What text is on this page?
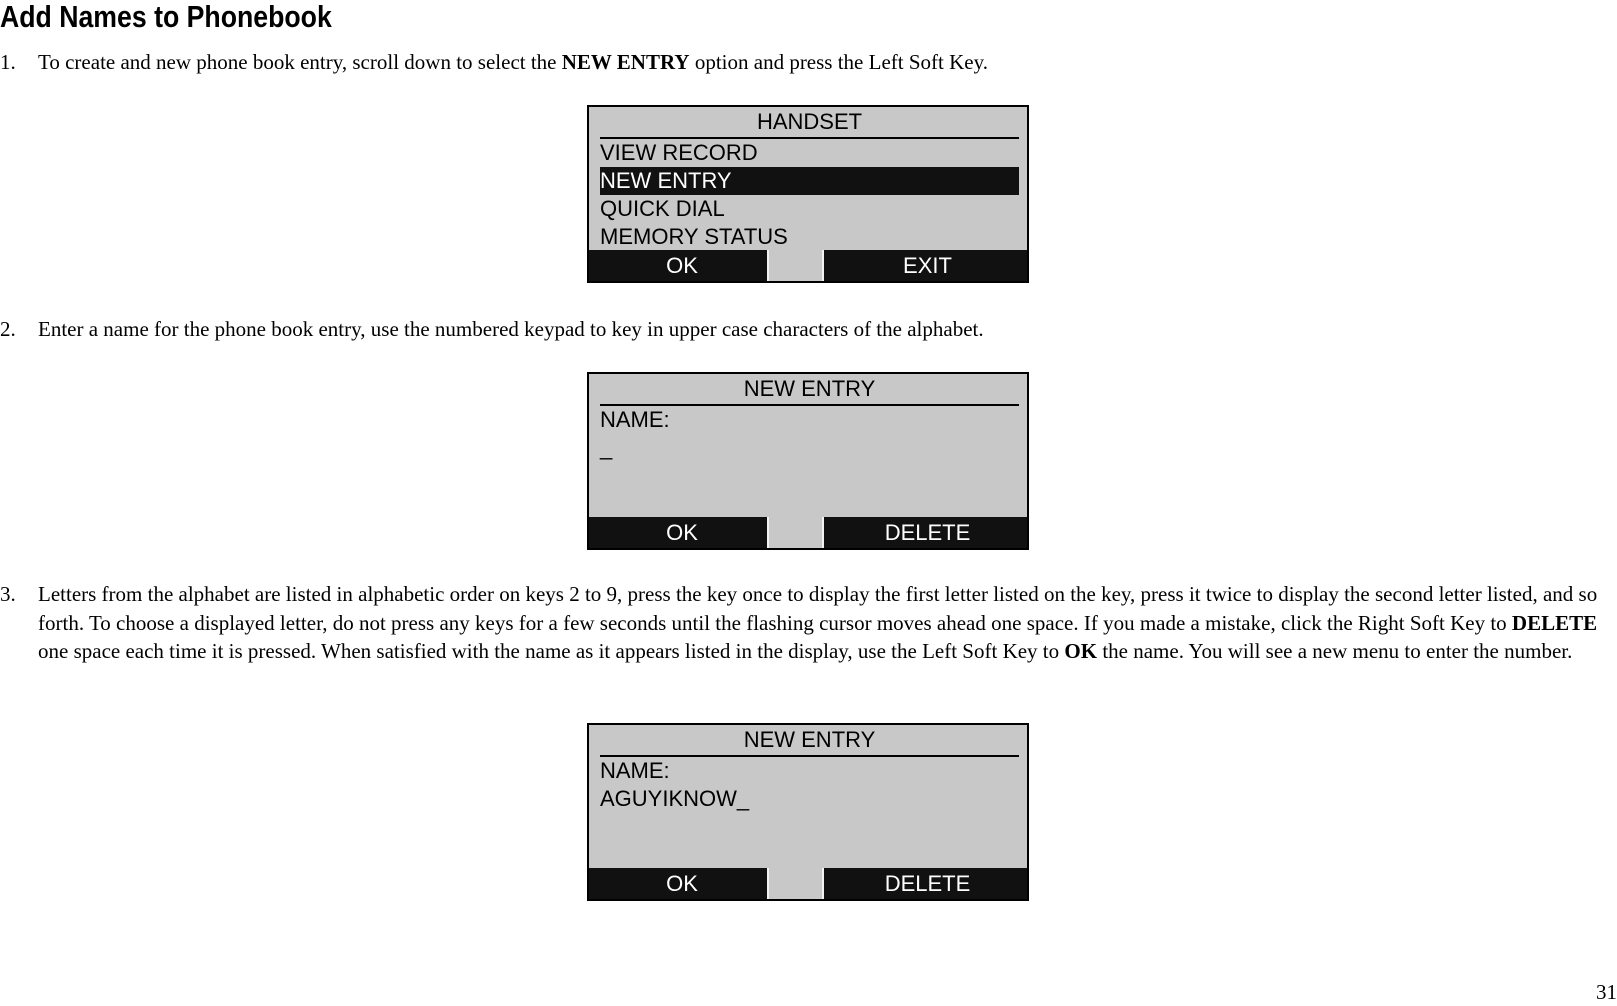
Add Names to Phonebook
1. To create and new phone book entry, scroll down to select the NEW ENTRY option and press the Left Soft Key.
HANDSET
VIEW RECORD
NEW ENTRY
QUICK DIAL
MEMORY STATUS
OK	EXIT
2. Enter a name for the phone book entry, use the numbered keypad to key in upper case characters of the alphabet.
NEW ENTRY
NAME:
_
OK	DELETE
3. Letters from the alphabet are listed in alphabetic order on keys 2 to 9, press the key once to display the first letter listed on the key, press it twice to display the second letter listed, and so forth. To choose a displayed letter, do not press any keys for a few seconds until the flashing cursor moves ahead one space. If you made a mistake, click the Right Soft Key to DELETE one space each time it is pressed. When satisfied with the name as it appears listed in the display, use the Left Soft Key to OK the name. You will see a new menu to enter the number.
NEW ENTRY
NAME:
AGUYIKNOW_
OK	DELETE
31
